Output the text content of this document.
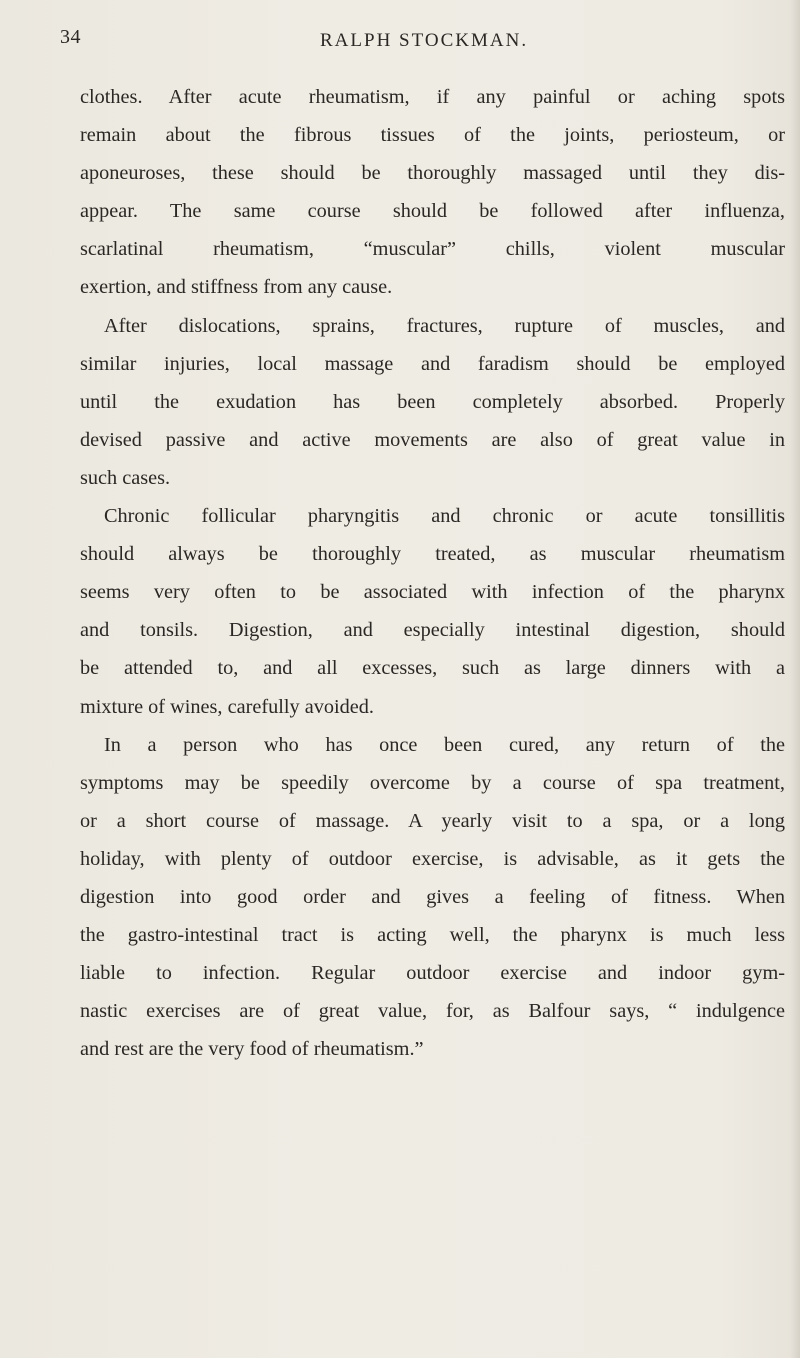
34	RALPH STOCKMAN.
clothes. After acute rheumatism, if any painful or aching spots
remain about the fibrous tissues of the joints, periosteum, or
aponeuroses, these should be thoroughly massaged until they dis-
appear. The same course should be followed after influenza,
scarlatinal rheumatism, “muscular” chills, violent muscular
exertion, and stiffness from any cause.
After dislocations, sprains, fractures, rupture of muscles, and
similar injuries, local massage and faradism should be employed
until the exudation has been completely absorbed. Properly
devised passive and active movements are also of great value in
such cases.
Chronic follicular pharyngitis and chronic or acute tonsillitis
should always be thoroughly treated, as muscular rheumatism
seems very often to be associated with infection of the pharynx
and tonsils. Digestion, and especially intestinal digestion, should
be attended to, and all excesses, such as large dinners with a
mixture of wines, carefully avoided.
In a person who has once been cured, any return of the
symptoms may be speedily overcome by a course of spa treatment,
or a short course of massage. A yearly visit to a spa, or a long
holiday, with plenty of outdoor exercise, is advisable, as it gets the
digestion into good order and gives a feeling of fitness. When
the gastro-intestinal tract is acting well, the pharynx is much less
liable to infection. Regular outdoor exercise and indoor gym-
nastic exercises are of great value, for, as Balfour says, “ indulgence
and rest are the very food of rheumatism.”
